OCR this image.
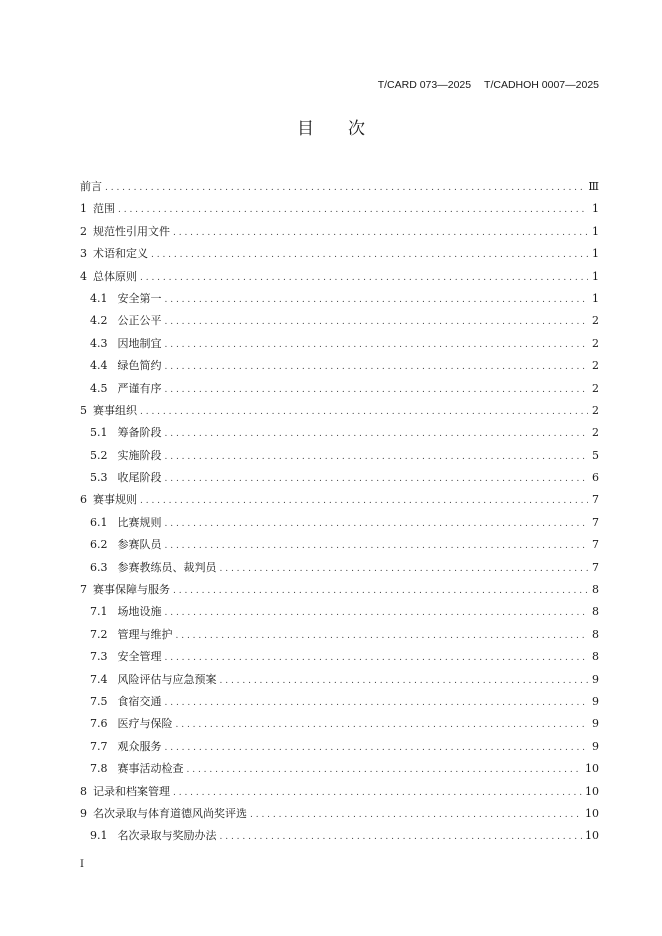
T/CARD 073—2025 T/CADHOH 0007—2025
目 次
前言 . . .	Ⅲ
1 范围 . . .	1
2 规范性引用文件 . . .	1
3 术语和定义 . . .	1
4 总体原则 . . .	1
4.1 安全第一 . . .	1
4.2 公正公平 . . .	2
4.3 因地制宜 . . .	2
4.4 绿色简约 . . .	2
4.5 严谨有序 . . .	2
5 赛事组织 . . .	2
5.1 筹备阶段 . . .	2
5.2 实施阶段 . . .	5
5.3 收尾阶段 . . .	6
6 赛事规则 . . .	7
6.1 比赛规则 . . .	7
6.2 参赛队员 . . .	7
6.3 参赛教练员、裁判员 . . .	7
7 赛事保障与服务 . . .	8
7.1 场地设施 . . .	8
7.2 管理与维护 . . .	8
7.3 安全管理 . . .	8
7.4 风险评估与应急预案 . . .	9
7.5 食宿交通 . . .	9
7.6 医疗与保险 . . .	9
7.7 观众服务 . . .	9
7.8 赛事活动检查 . . .	10
8 记录和档案管理 . . .	10
9 名次录取与体育道德风尚奖评选 . . .	10
9.1 名次录取与奖励办法 . . .	10
I
